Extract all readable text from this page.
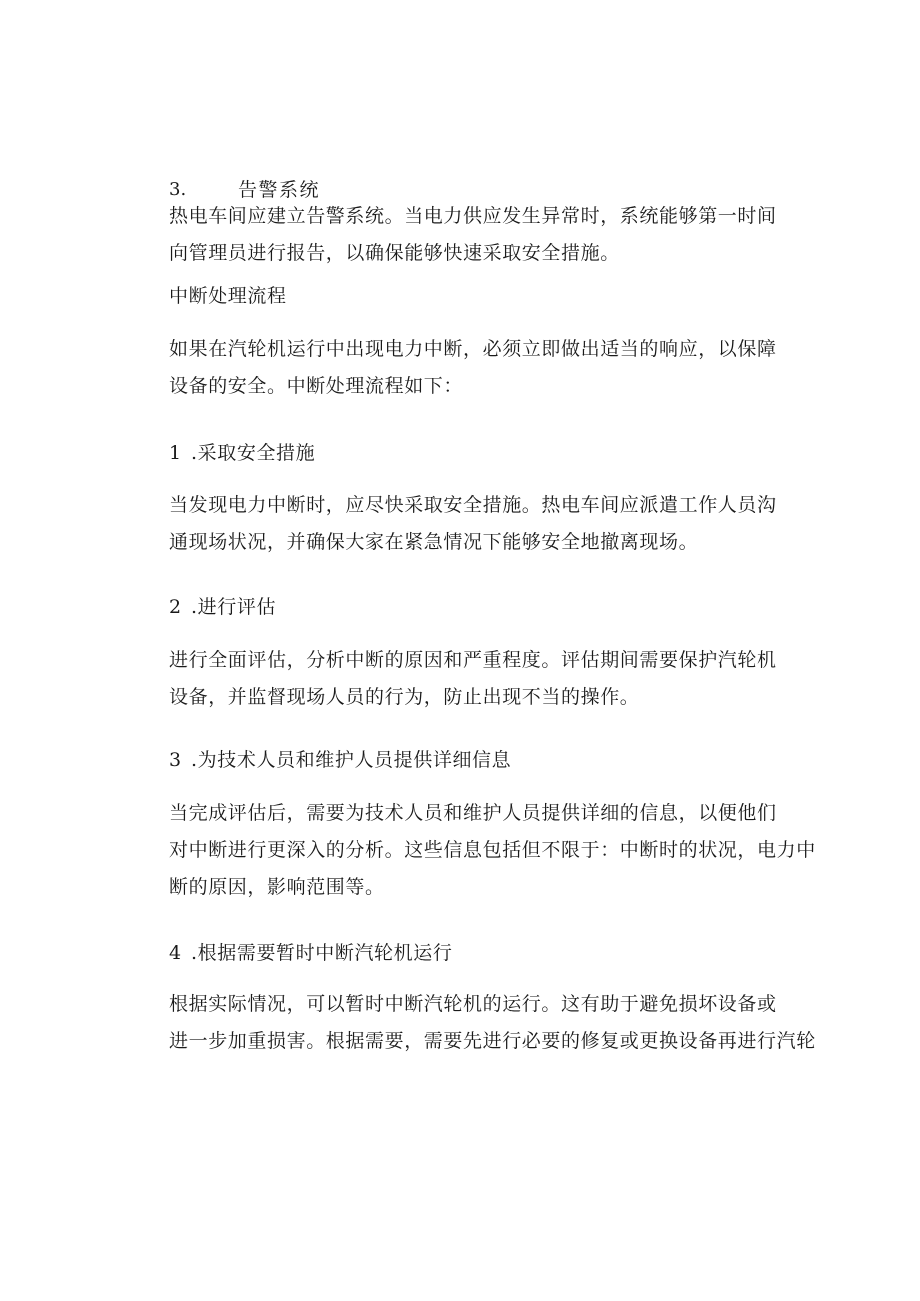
3.	告警系统
热电车间应建立告警系统。当电力供应发生异常时，系统能够第一时间
向管理员进行报告，以确保能够快速采取安全措施。
中断处理流程
如果在汽轮机运行中出现电力中断，必须立即做出适当的响应，以保障
设备的安全。中断处理流程如下：
1 .采取安全措施
当发现电力中断时，应尽快采取安全措施。热电车间应派遣工作人员沟
通现场状况，并确保大家在紧急情况下能够安全地撤离现场。
2 .进行评估
进行全面评估，分析中断的原因和严重程度。评估期间需要保护汽轮机
设备，并监督现场人员的行为，防止出现不当的操作。
3 .为技术人员和维护人员提供详细信息
当完成评估后，需要为技术人员和维护人员提供详细的信息，以便他们
对中断进行更深入的分析。这些信息包括但不限于：中断时的状况，电力中
断的原因，影响范围等。
4 .根据需要暂时中断汽轮机运行
根据实际情况，可以暂时中断汽轮机的运行。这有助于避免损坏设备或
进一步加重损害。根据需要，需要先进行必要的修复或更换设备再进行汽轮
